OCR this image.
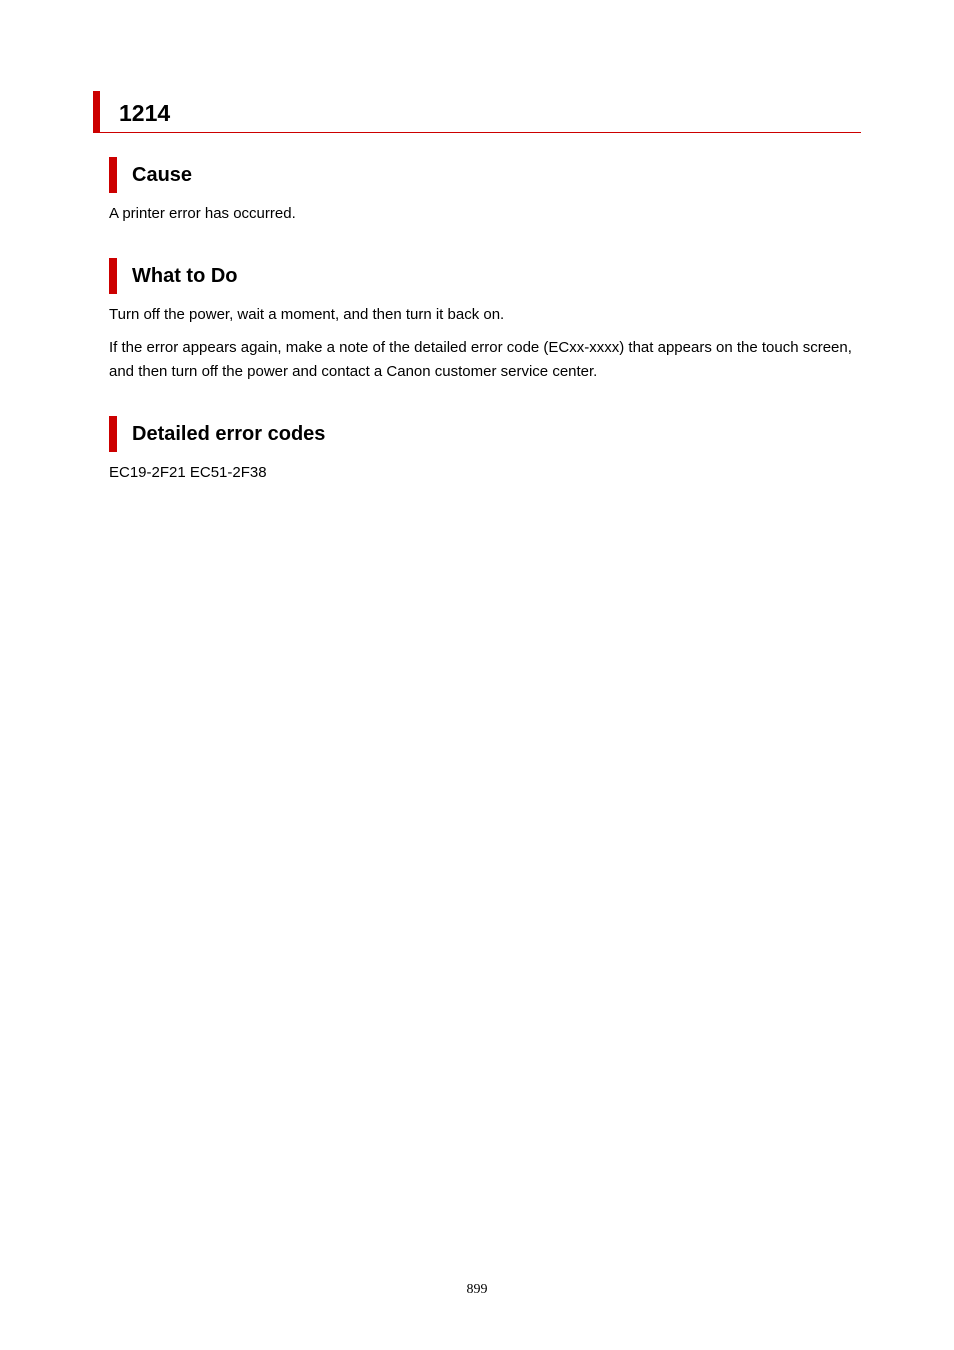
1214
Cause

A printer error has occurred.

What to Do

Turn off the power, wait a moment, and then turn it back on.

If the error appears again, make a note of the detailed error code (ECxx-xxxx) that appears on the touch screen, and then turn off the power and contact a Canon customer service center.

Detailed error codes

EC19-2F21 EC51-2F38

899
